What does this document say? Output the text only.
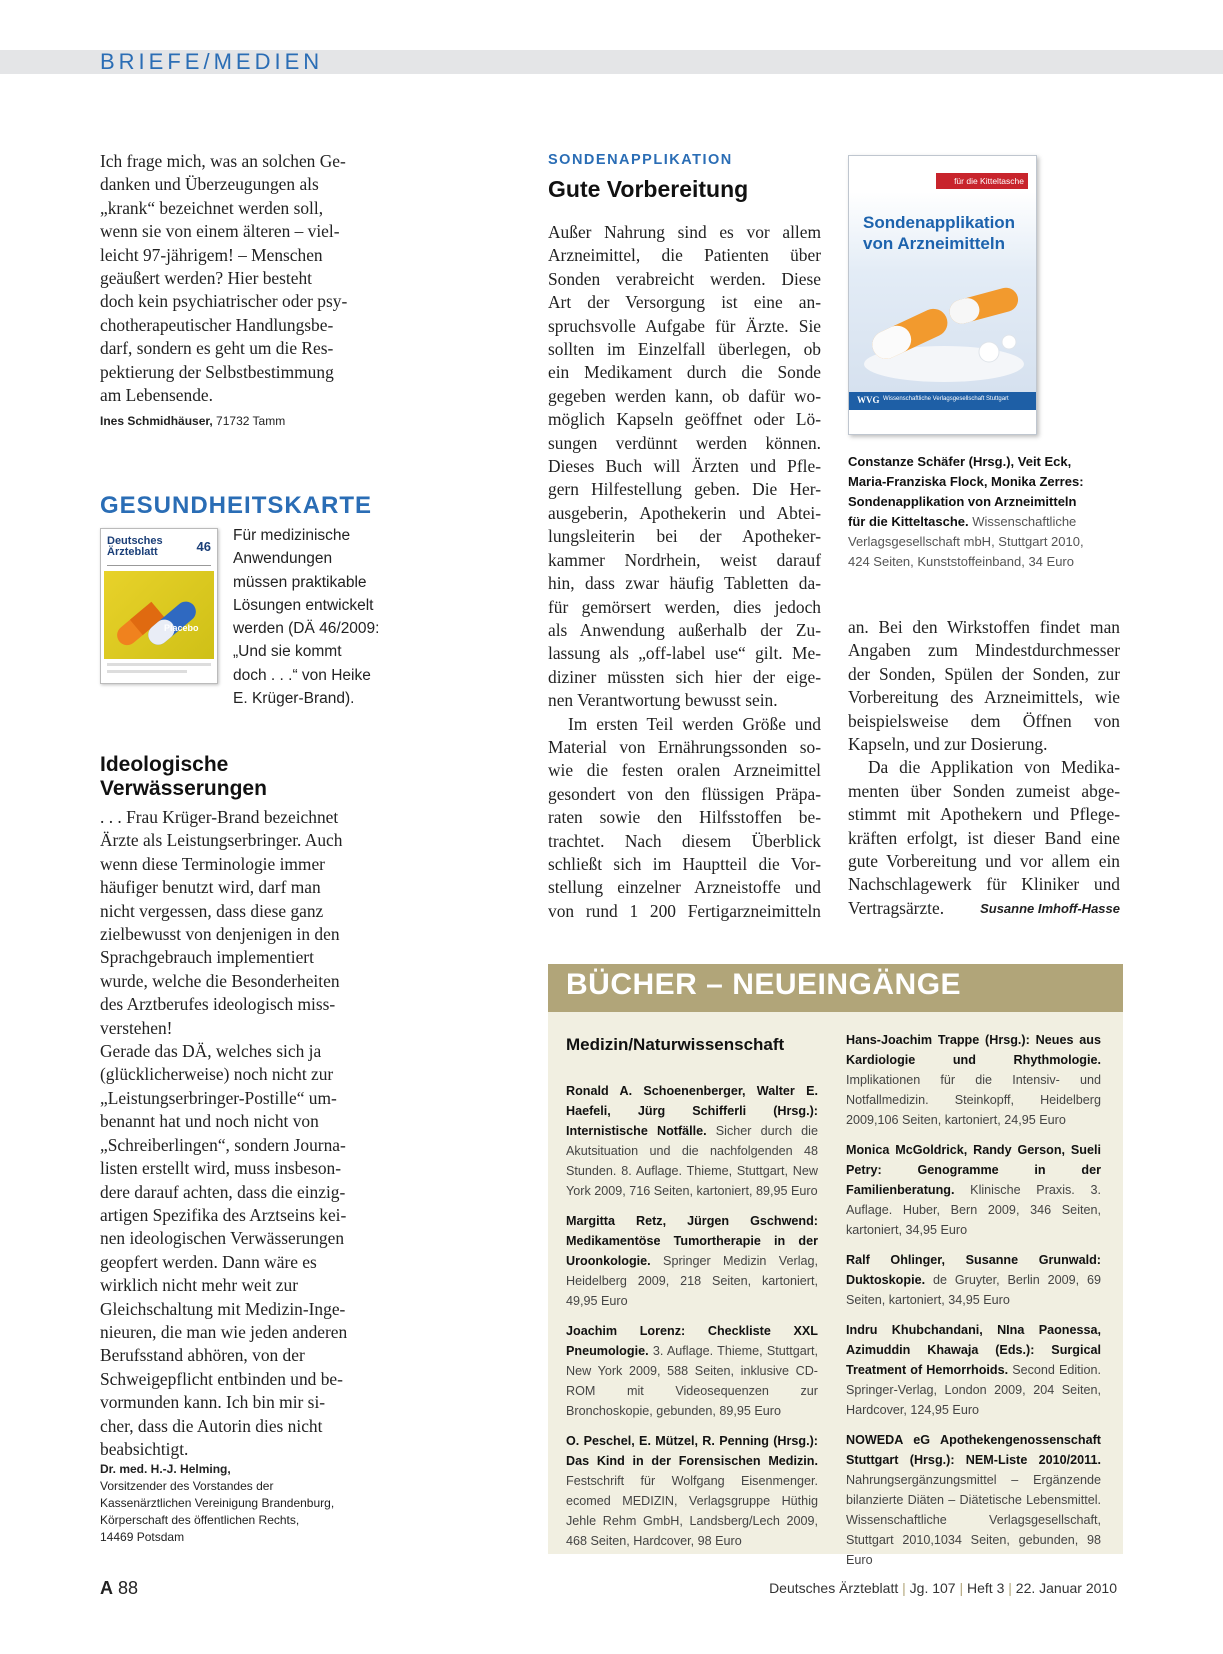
BRIEFE/MEDIEN
Ich frage mich, was an solchen Ge-
danken und Überzeugungen als
„krank“ bezeichnet werden soll,
wenn sie von einem älteren – viel-
leicht 97-jährigem! – Menschen
geäußert werden? Hier besteht
doch kein psychiatrischer oder psy-
chotherapeutischer Handlungsbe-
darf, sondern es geht um die Res-
pektierung der Selbstbestimmung
am Lebensende.
Ines Schmidhäuser, 71732 Tamm
GESUNDHEITSKARTE
Deutsches
Ärzteblatt	46
Placebo
Für medizinische
Anwendungen
müssen praktikable
Lösungen entwickelt
werden (DÄ 46/2009:
„Und sie kommt
doch . . .“ von Heike
E. Krüger-Brand).
Ideologische
Verwässerungen
. . . Frau Krüger-Brand bezeichnet
Ärzte als Leistungserbringer. Auch
wenn diese Terminologie immer
häufiger benutzt wird, darf man
nicht vergessen, dass diese ganz
zielbewusst von denjenigen in den
Sprachgebrauch implementiert
wurde, welche die Besonderheiten
des Arztberufes ideologisch miss-
verstehen!
Gerade das DÄ, welches sich ja
(glücklicherweise) noch nicht zur
„Leistungserbringer-Postille“ um-
benannt hat und noch nicht von
„Schreiberlingen“, sondern Journa-
listen erstellt wird, muss insbeson-
dere darauf achten, dass die einzig-
artigen Spezifika des Arztseins kei-
nen ideologischen Verwässerungen
geopfert werden. Dann wäre es
wirklich nicht mehr weit zur
Gleichschaltung mit Medizin-Inge-
nieuren, die man wie jeden anderen
Berufsstand abhören, von der
Schweigepflicht entbinden und be-
vormunden kann. Ich bin mir si-
cher, dass die Autorin dies nicht
beabsichtigt.
Dr. med. H.-J. Helming,
Vorsitzender des Vorstandes der
Kassenärztlichen Vereinigung Brandenburg,
Körperschaft des öffentlichen Rechts,
14469 Potsdam
SONDENAPPLIKATION
Gute Vorbereitung
Außer Nahrung sind es vor allem
Arzneimittel, die Patienten über
Sonden verabreicht werden. Diese
Art der Versorgung ist eine an-
spruchsvolle Aufgabe für Ärzte. Sie
sollten im Einzelfall überlegen, ob
ein Medikament durch die Sonde
gegeben werden kann, ob dafür wo-
möglich Kapseln geöffnet oder Lö-
sungen verdünnt werden können.
Dieses Buch will Ärzten und Pfle-
gern Hilfestellung geben. Die Her-
ausgeberin, Apothekerin und Abtei-
lungsleiterin bei der Apotheker-
kammer Nordrhein, weist darauf
hin, dass zwar häufig Tabletten da-
für gemörsert werden, dies jedoch
als Anwendung außerhalb der Zu-
lassung als „off-label use“ gilt. Me-
diziner müssten sich hier der eige-
nen Verantwortung bewusst sein.
Im ersten Teil werden Größe und
Material von Ernährungssonden so-
wie die festen oralen Arzneimittel
gesondert von den flüssigen Präpa-
raten sowie den Hilfsstoffen be-
trachtet. Nach diesem Überblick
schließt sich im Hauptteil die Vor-
stellung einzelner Arzneistoffe und
von rund 1 200 Fertigarzneimitteln
für die Kitteltasche
Sondenapplikation
von Arzneimitteln
WVG Wissenschaftliche Verlagsgesellschaft Stuttgart
Constanze Schäfer (Hrsg.), Veit Eck,
Maria-Franziska Flock, Monika Zerres:
Sondenapplikation von Arzneimitteln
für die Kitteltasche. Wissenschaftliche
Verlagsgesellschaft mbH, Stuttgart 2010,
424 Seiten, Kunststoffeinband, 34 Euro
an. Bei den Wirkstoffen findet man
Angaben zum Mindestdurchmesser
der Sonden, Spülen der Sonden, zur
Vorbereitung des Arzneimittels, wie
beispielsweise dem Öffnen von
Kapseln, und zur Dosierung.
Da die Applikation von Medika-
menten über Sonden zumeist abge-
stimmt mit Apothekern und Pflege-
kräften erfolgt, ist dieser Band eine
gute Vorbereitung und vor allem ein
Nachschlagewerk für Kliniker und
Vertragsärzte.	Susanne Imhoff-Hasse
BÜCHER – NEUEINGÄNGE
Medizin/Naturwissenschaft
Ronald A. Schoenenberger, Walter E. Haefeli, Jürg Schifferli (Hrsg.): Internistische Notfälle. Sicher durch die Akutsituation und die nachfolgenden 48 Stunden. 8. Auflage. Thieme, Stuttgart, New York 2009, 716 Seiten, kartoniert, 89,95 Euro
Margitta Retz, Jürgen Gschwend: Medikamentöse Tumortherapie in der Uroonkologie. Springer Medizin Verlag, Heidelberg 2009, 218 Seiten, kartoniert, 49,95 Euro
Joachim Lorenz: Checkliste XXL Pneumologie. 3. Auflage. Thieme, Stuttgart, New York 2009, 588 Seiten, inklusive CD-ROM mit Videosequenzen zur Bronchoskopie, gebunden, 89,95 Euro
O. Peschel, E. Mützel, R. Penning (Hrsg.): Das Kind in der Forensischen Medizin. Festschrift für Wolfgang Eisenmenger. ecomed MEDIZIN, Verlagsgruppe Hüthig Jehle Rehm GmbH, Landsberg/Lech 2009, 468 Seiten, Hardcover, 98 Euro
Hans-Joachim Trappe (Hrsg.): Neues aus Kardiologie und Rhythmologie. Implikationen für die Intensiv- und Notfallmedizin. Steinkopff, Heidelberg 2009,106 Seiten, kartoniert, 24,95 Euro
Monica McGoldrick, Randy Gerson, Sueli Petry: Genogramme in der Familienberatung. Klinische Praxis. 3. Auflage. Huber, Bern 2009, 346 Seiten, kartoniert, 34,95 Euro
Ralf Ohlinger, Susanne Grunwald: Duktoskopie. de Gruyter, Berlin 2009, 69 Seiten, kartoniert, 34,95 Euro
Indru Khubchandani, NIna Paonessa, Azimuddin Khawaja (Eds.): Surgical Treatment of Hemorrhoids. Second Edition. Springer-Verlag, London 2009, 204 Seiten, Hardcover, 124,95 Euro
NOWEDA eG Apothekengenossenschaft Stuttgart (Hrsg.): NEM-Liste 2010/2011. Nahrungsergänzungsmittel – Ergänzende bilanzierte Diäten – Diätetische Lebensmittel. Wissenschaftliche Verlagsgesellschaft, Stuttgart 2010,1034 Seiten, gebunden, 98 Euro
A 88	Deutsches Ärzteblatt | Jg. 107 | Heft 3 | 22. Januar 2010
